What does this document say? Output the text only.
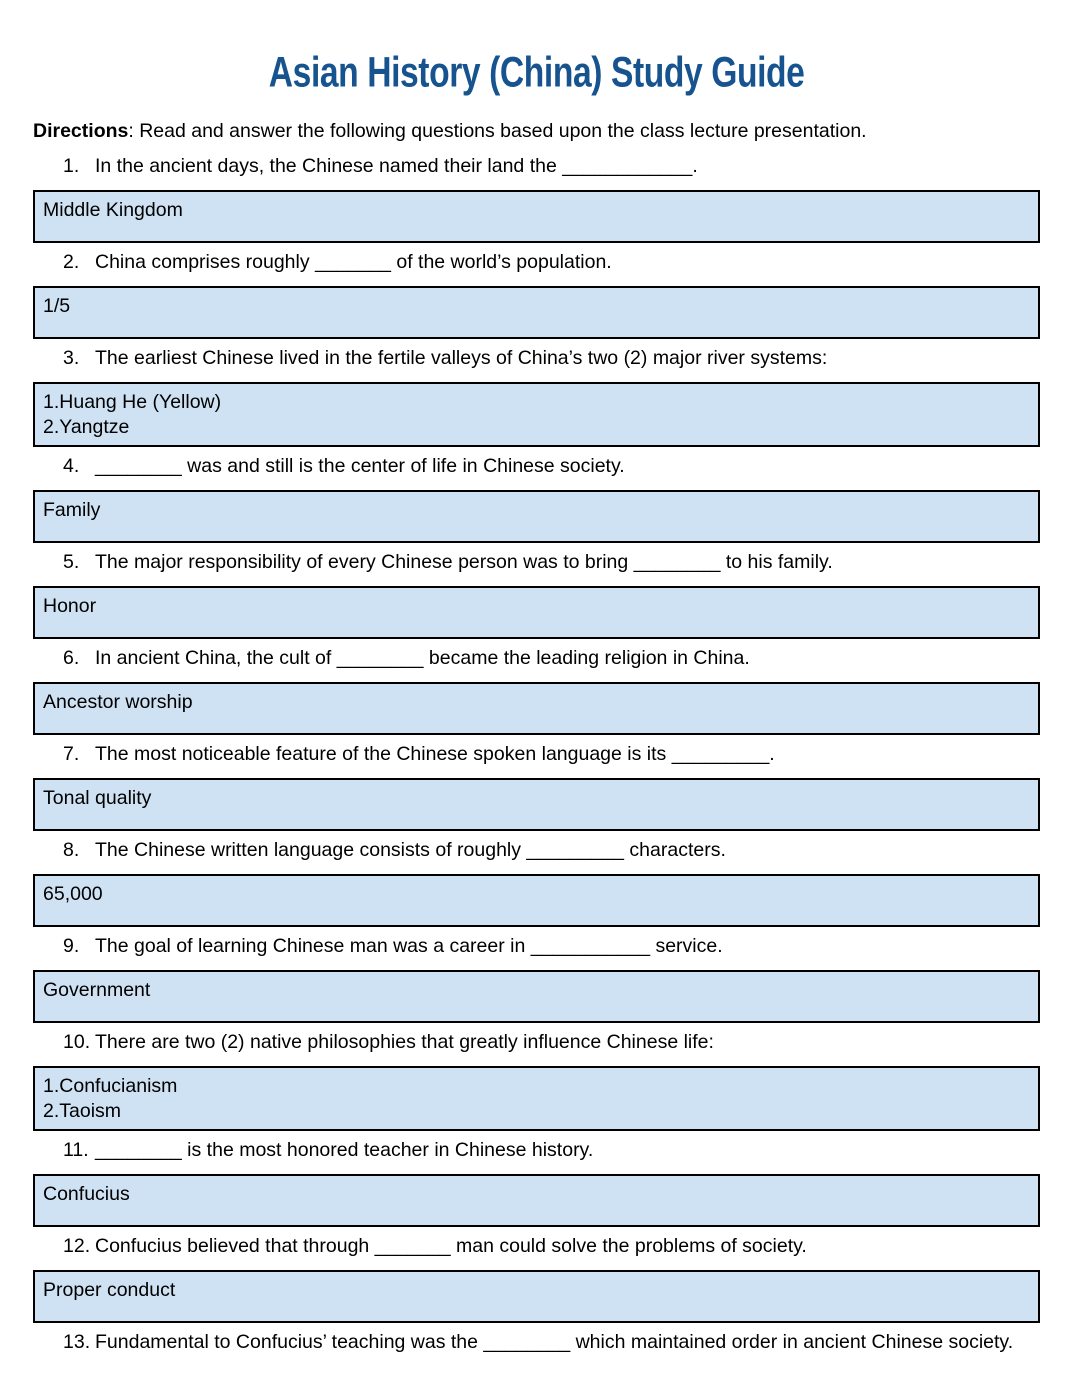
Asian History (China) Study Guide

Directions: Read and answer the following questions based upon the class lecture presentation.

1. In the ancient days, the Chinese named their land the ____________.
Middle Kingdom
2. China comprises roughly _______ of the world’s population.
1/5
3. The earliest Chinese lived in the fertile valleys of China’s two (2) major river systems:
1.Huang He (Yellow)
2.Yangtze
4. ________ was and still is the center of life in Chinese society.
Family
5. The major responsibility of every Chinese person was to bring ________ to his family.
Honor
6. In ancient China, the cult of ________ became the leading religion in China.
Ancestor worship
7. The most noticeable feature of the Chinese spoken language is its _________.
Tonal quality
8. The Chinese written language consists of roughly _________ characters.
65,000
9. The goal of learning Chinese man was a career in ___________ service.
Government
10. There are two (2) native philosophies that greatly influence Chinese life:
1.Confucianism
2.Taoism
11. ________ is the most honored teacher in Chinese history.
Confucius
12. Confucius believed that through _______ man could solve the problems of society.
Proper conduct
13. Fundamental to Confucius’ teaching was the ________ which maintained order in ancient Chinese society.
